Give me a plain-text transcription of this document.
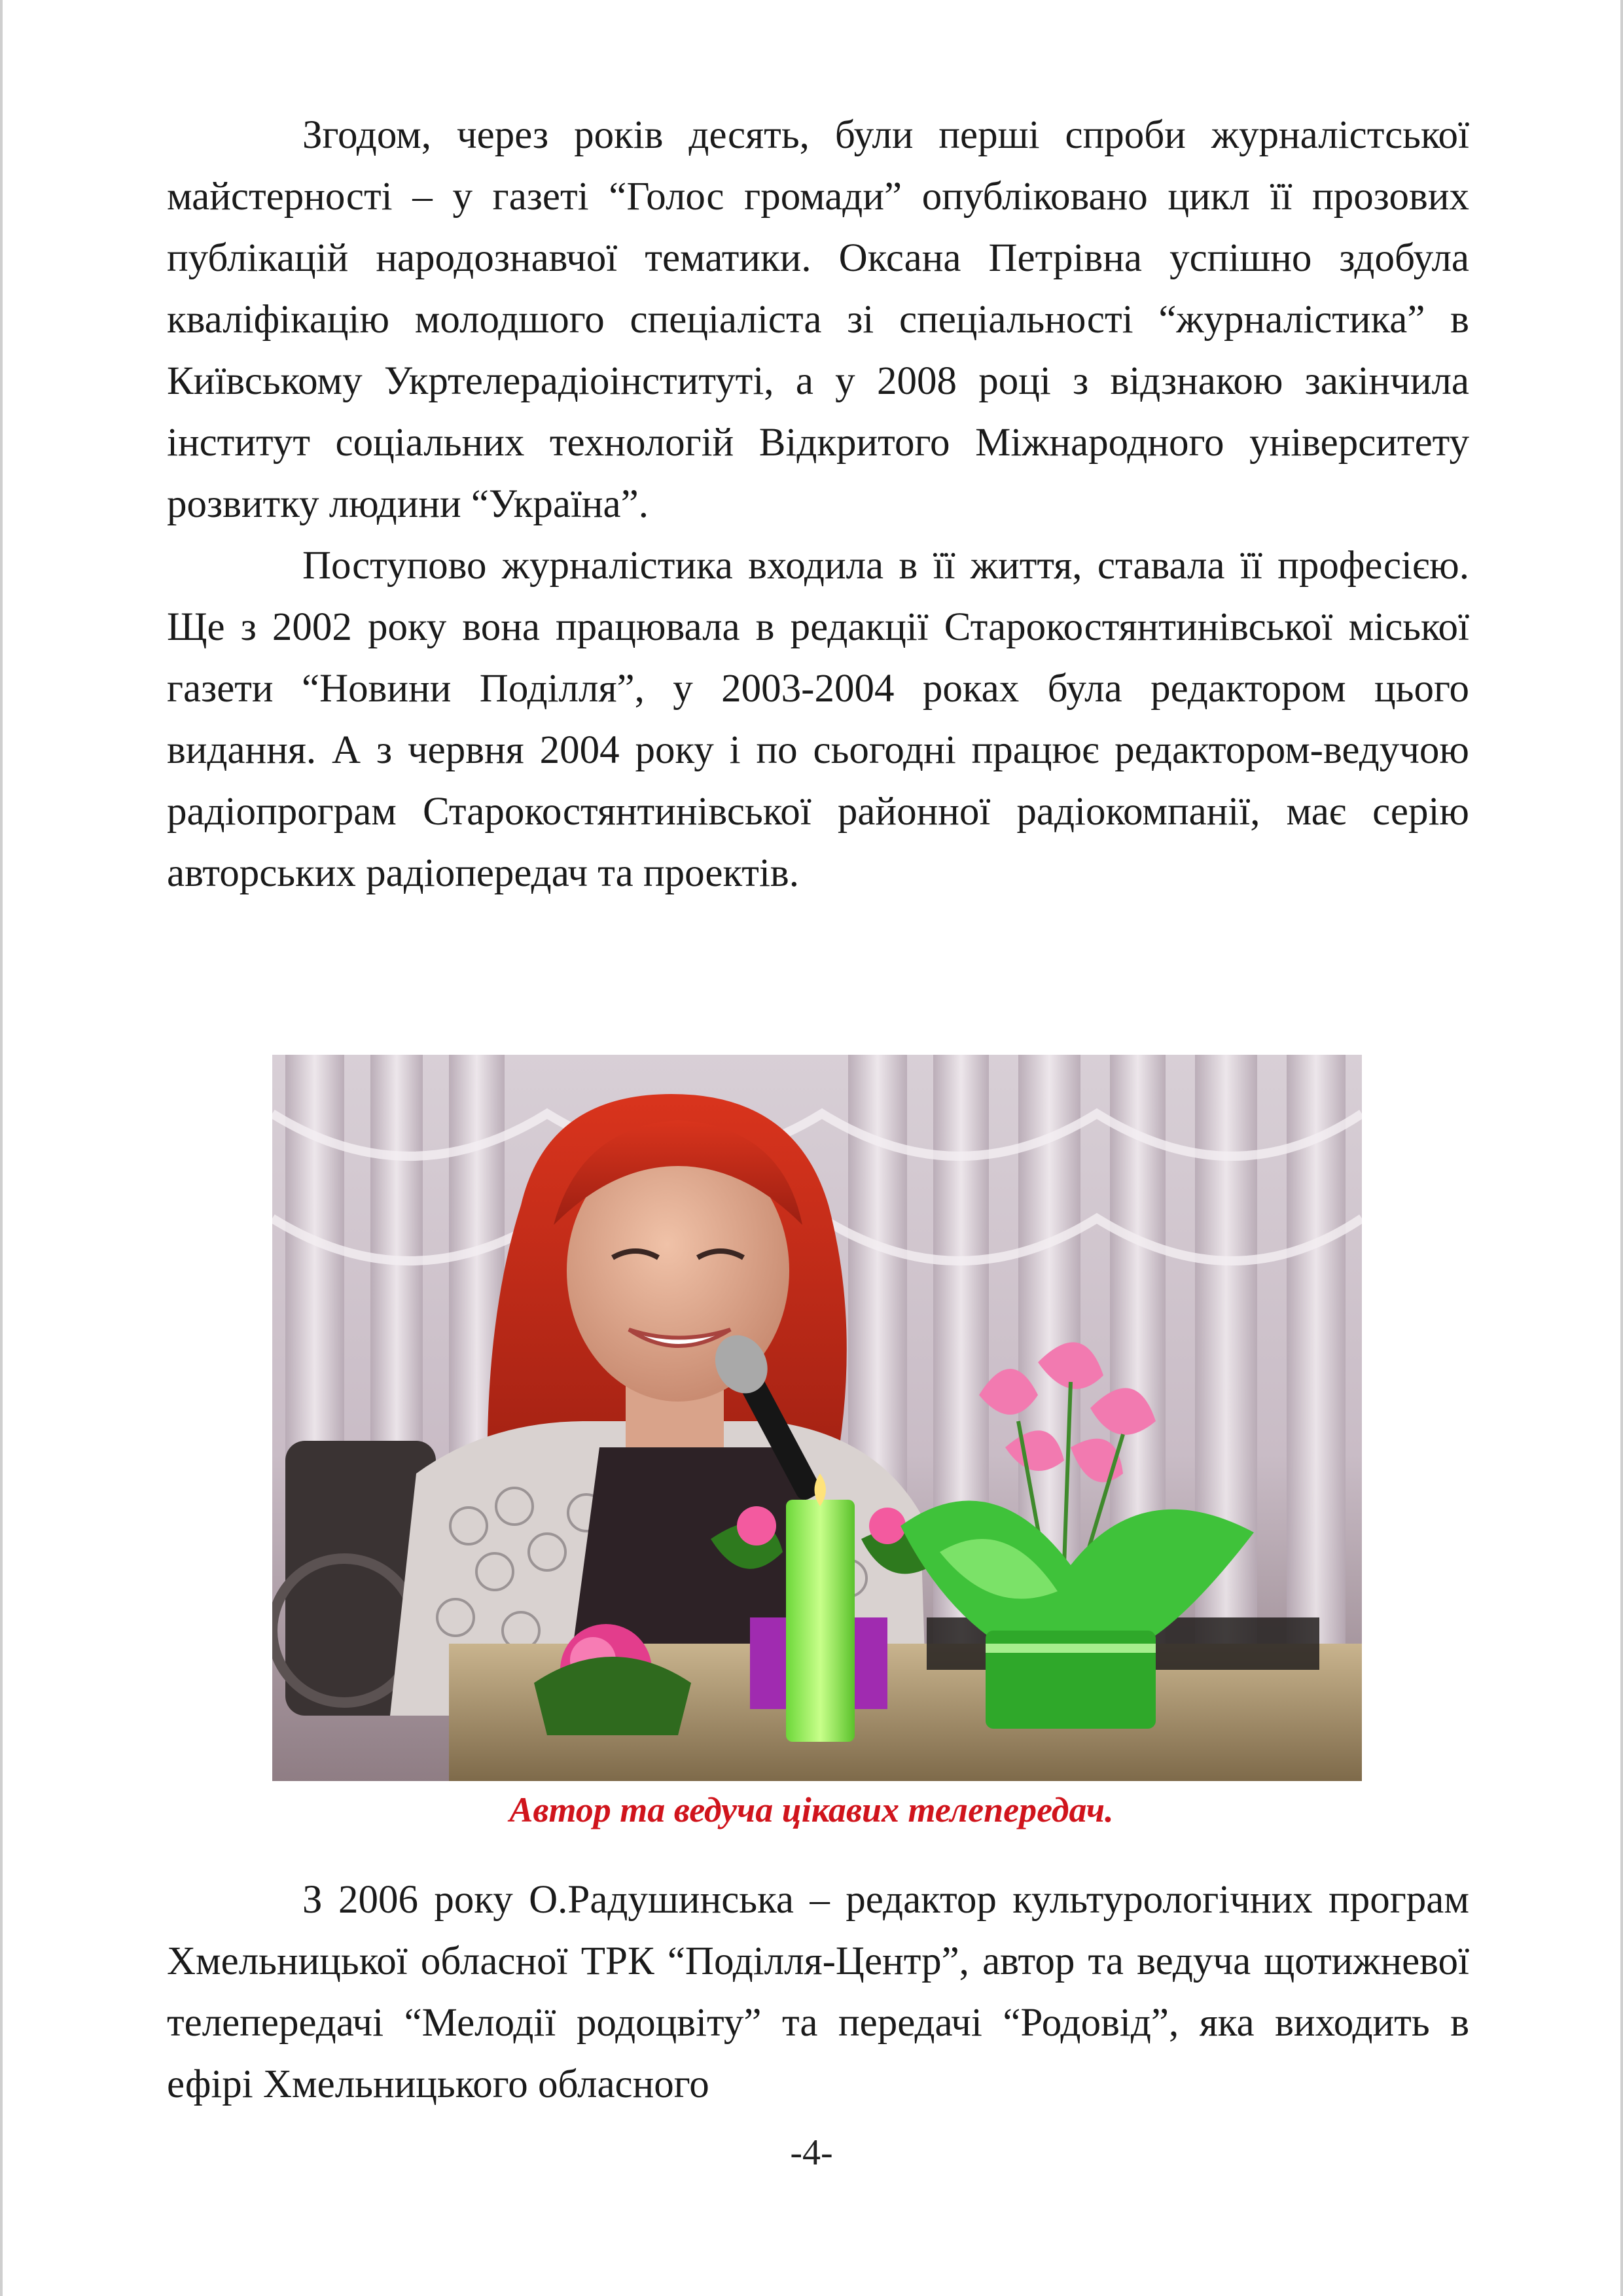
Згодом, через років десять, були перші спроби журналістської майстерності – у газеті “Голос громади” опубліковано цикл її прозових публікацій народознавчої тематики. Оксана Петрівна успішно здобула кваліфікацію молодшого спеціаліста зі спеціальності “журналістика” в Київському Укртелерадіоінституті, а у 2008 році з відзнакою закінчила інститут соціальних технологій Відкритого Міжнародного університету розвитку людини “Україна”.

Поступово журналістика входила в її життя, ставала її професією. Ще з 2002 року вона працювала в редакції Старокостянтинівської міської газети “Новини Поділля”, у 2003-2004 роках була редактором цього видання. А з червня 2004 року і по сьогодні працює редактором-ведучою радіопрограм Старокостянтинівської районної радіокомпанії, має серію авторських радіопередач та проектів.

Автор та ведуча цікавих телепередач.

З 2006 року О.Радушинська – редактор культурологічних програм Хмельницької обласної ТРК “Поділля-Центр”, автор та ведуча щотижневої телепередачі “Мелодії родоцвіту” та передачі “Родовід”, яка виходить в ефірі Хмельницького обласного

-4-
